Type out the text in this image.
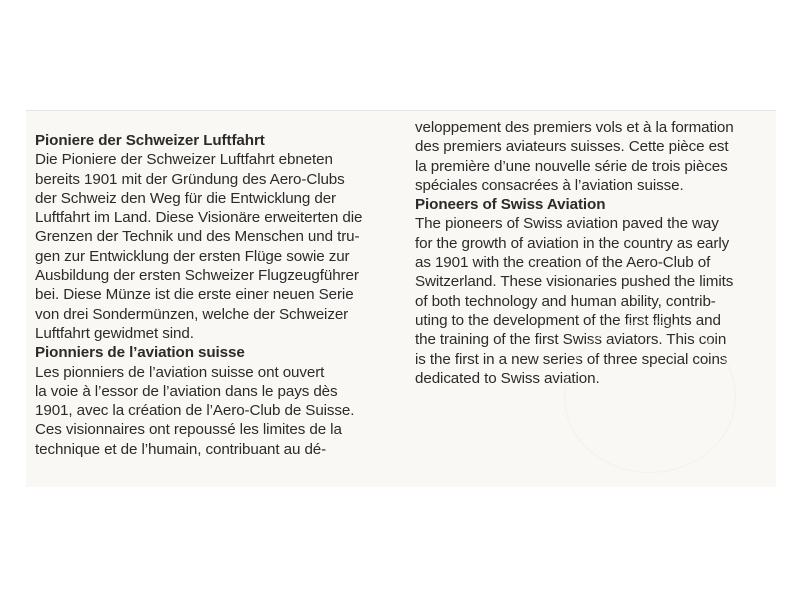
Pioniere der Schweizer Luftfahrt
Die Pioniere der Schweizer Luftfahrt ebneten
bereits 1901 mit der Gründung des Aero-Clubs
der Schweiz den Weg für die Entwicklung der
Luftfahrt im Land. Diese Visionäre erweiterten die
Grenzen der Technik und des Menschen und tru-
gen zur Entwicklung der ersten Flüge sowie zur
Ausbildung der ersten Schweizer Flugzeugführer
bei. Diese Münze ist die erste einer neuen Serie
von drei Sondermünzen, welche der Schweizer
Luftfahrt gewidmet sind.
Pionniers de l’aviation suisse
Les pionniers de l’aviation suisse ont ouvert
la voie à l’essor de l’aviation dans le pays dès
1901, avec la création de l’Aero-Club de Suisse.
Ces visionnaires ont repoussé les limites de la
technique et de l’humain, contribuant au dé-
veloppement des premiers vols et à la formation
des premiers aviateurs suisses. Cette pièce est
la première d’une nouvelle série de trois pièces
spéciales consacrées à l’aviation suisse.
Pioneers of Swiss Aviation
The pioneers of Swiss aviation paved the way
for the growth of aviation in the country as early
as 1901 with the creation of the Aero-Club of
Switzerland. These visionaries pushed the limits
of both technology and human ability, contrib-
uting to the development of the first flights and
the training of the first Swiss aviators. This coin
is the first in a new series of three special coins
dedicated to Swiss aviation.
